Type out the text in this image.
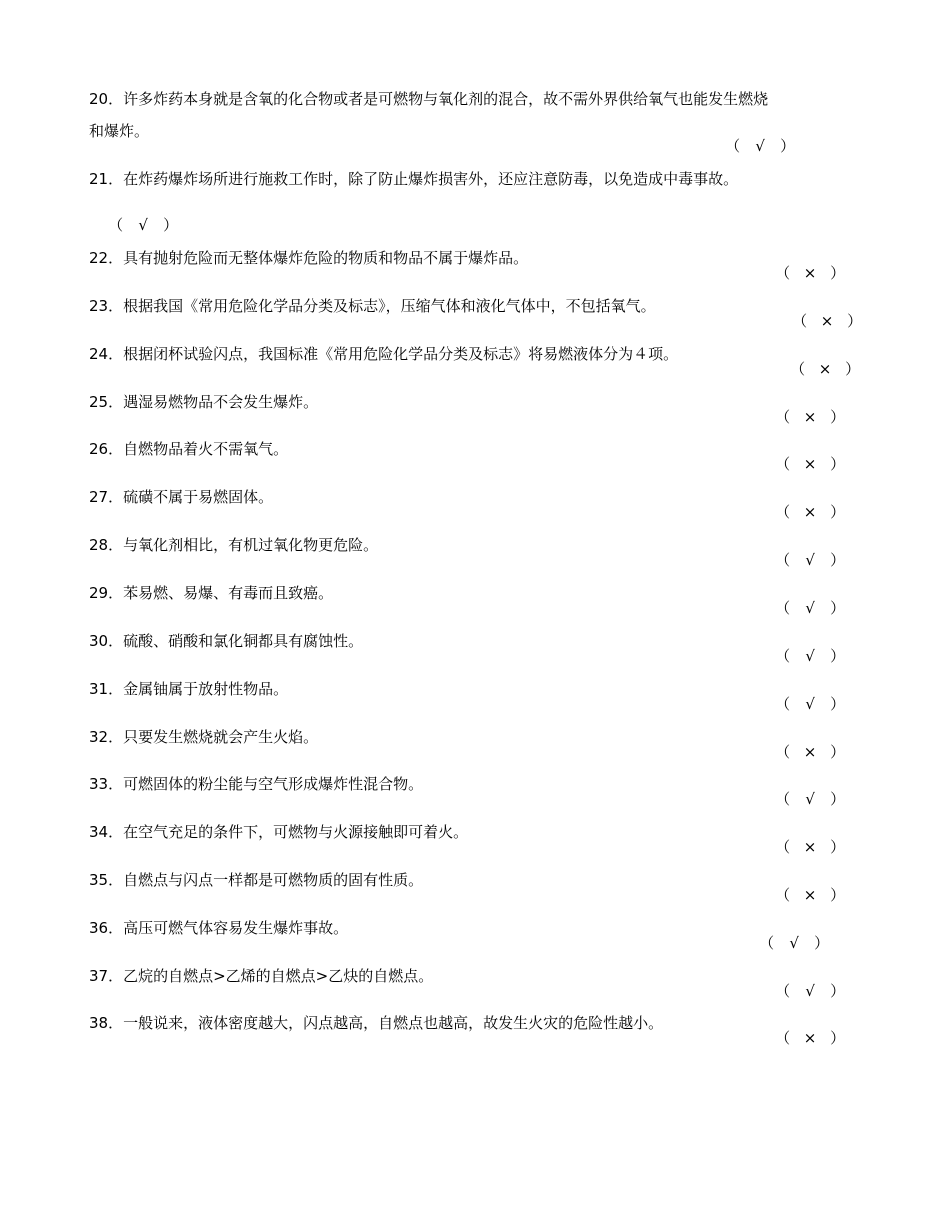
20．许多炸药本身就是含氧的化合物或者是可燃物与氧化剂的混合，故不需外界供给氧气也能发生燃烧
和爆炸。

（ √ ）

21．在炸药爆炸场所进行施救工作时，除了防止爆炸损害外，还应注意防毒，以免造成中毒事故。

（ √ ）

22．具有抛射危险而无整体爆炸危险的物质和物品不属于爆炸品。

（ × ）

23．根据我国《常用危险化学品分类及标志》，压缩气体和液化气体中，不包括氧气。

（ × ）

24．根据闭杯试验闪点，我国标准《常用危险化学品分类及标志》将易燃液体分为４项。

（ × ）

25．遇湿易燃物品不会发生爆炸。

（ × ）

26．自燃物品着火不需氧气。

（ × ）

27．硫磺不属于易燃固体。

（ × ）

28．与氧化剂相比，有机过氧化物更危险。

（ √ ）

29．苯易燃、易爆、有毒而且致癌。

（ √ ）

30．硫酸、硝酸和氯化铜都具有腐蚀性。

（ √ ）

31．金属铀属于放射性物品。

（ √ ）

32．只要发生燃烧就会产生火焰。

（ × ）

33．可燃固体的粉尘能与空气形成爆炸性混合物。

（ √ ）

34．在空气充足的条件下，可燃物与火源接触即可着火。

（ × ）

35．自燃点与闪点一样都是可燃物质的固有性质。

（ × ）

36．高压可燃气体容易发生爆炸事故。

（ √ ）

37．乙烷的自燃点>乙烯的自燃点>乙炔的自燃点。

（ √ ）

38．一般说来，液体密度越大，闪点越高，自燃点也越高，故发生火灾的危险性越小。

（ × ）
